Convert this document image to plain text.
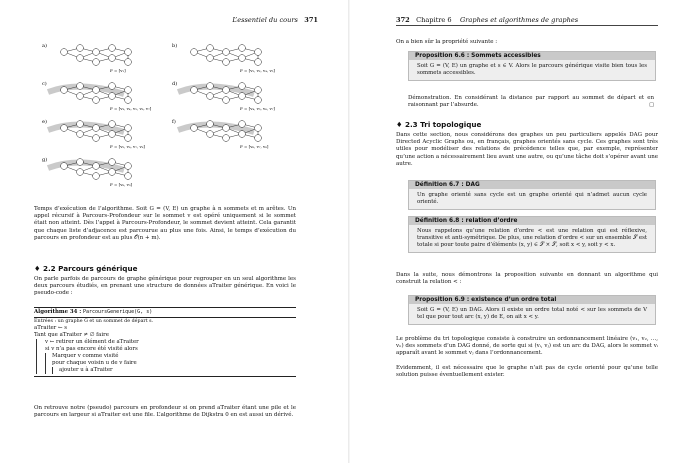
L’essentiel du cours 371
a)
F = [v₁]
b)
F = [v₂, v₃, v₄, v₅]
c)
F = [v₃, v₄, v₅, v₆, v₇]
d)
F = [v₄, v₅, v₆, v₇]
e)
F = [v₅, v₆, v₇, v₈]
f)
F = [v₆, v₇, v₈]
g)
F = [v₈, v₉]

Temps d’exécution de l’algorithme. Soit G = (V, E) un graphe à n sommets et m arêtes. Un appel récursif à Parcours-Profondeur sur le sommet v est opéré uniquement si le sommet était non atteint. Dès l’appel à Parcours-Profondeur, le sommet devient atteint. Cela garantit que chaque liste d’adjacence est parcourue au plus une fois. Ainsi, le temps d’exécution du parcours en profondeur est au plus 𝒪(n + m).

♦ 2.2 Parcours générique

On parle parfois de parcours de graphe générique pour regrouper en un seul algorithme les deux parcours étudiés, en prenant une structure de données aTraiter générique. En voici le pseudo-code :

Algorithme 34 : ParcoursGenerique(G, s)
Entrées : un graphe G et un sommet de départ s.
aTraiter ← s
Tant que aTraiter ≠ ∅ faire
v ← retirer un élément de aTraiter
si v n’a pas encore été visité alors
Marquer v comme visité
pour chaque voisin u de v faire
ajouter u à aTraiter

On retrouve notre (pseudo) parcours en profondeur si on prend aTraiter étant une pile et le parcours en largeur si aTraiter est une file. L’algorithme de Dijkstra 0 en est aussi un dérivé.

372 Chapitre 6 Graphes et algorithmes de graphes

On a bien sûr la propriété suivante :

Proposition 6.6 : Sommets accessibles
Soit G = (V, E) un graphe et s ∈ V. Alors le parcours générique visite bien tous les sommets accessibles.

Démonstration. En considérant la distance par rapport au sommet de départ et en raisonnant par l’absurde.	□

♦ 2.3 Tri topologique

Dans cette section, nous considérons des graphes un peu particuliers appelés DAG pour Directed Acyclic Graphs ou, en français, graphes orientés sans cycle. Ces graphes sont très utiles pour modéliser des relations de précédence telles que, par exemple, représenter qu’une action a nécessairement lieu avant une autre, ou qu’une tâche doit s’opérer avant une autre.

Définition 6.7 : DAG
Un graphe orienté sans cycle est un graphe orienté qui n’admet aucun cycle orienté.
Définition 6.8 : relation d’ordre
Nous rappelons qu’une relation d’ordre < est une relation qui est réflexive, transitive et anti-symétrique. De plus, une relation d’ordre < sur un ensemble 𝒮 est totale si pour toute paire d’éléments (x, y) ∈ 𝒮 × 𝒮, soit x < y, soit y < x.

Dans la suite, nous démontrons la proposition suivante en donnant un algorithme qui construit la relation < :

Proposition 6.9 : existence d’un ordre total
Soit G = (V, E) un DAG. Alors il existe un ordre total noté < sur les sommets de V tel que pour tout arc (x, y) de E, on ait x < y.

Le problème du tri topologique consiste à construire un ordonnancement linéaire (v₁, v₂, …, vₙ) des sommets d’un DAG donné, de sorte qui si (vᵢ, vⱼ) est un arc du DAG, alors le sommet vᵢ apparaît avant le sommet vⱼ dans l’ordonnancement.

Evidemment, il est nécessaire que le graphe n’ait pas de cycle orienté pour qu’une telle solution puisse éventuellement exister.
